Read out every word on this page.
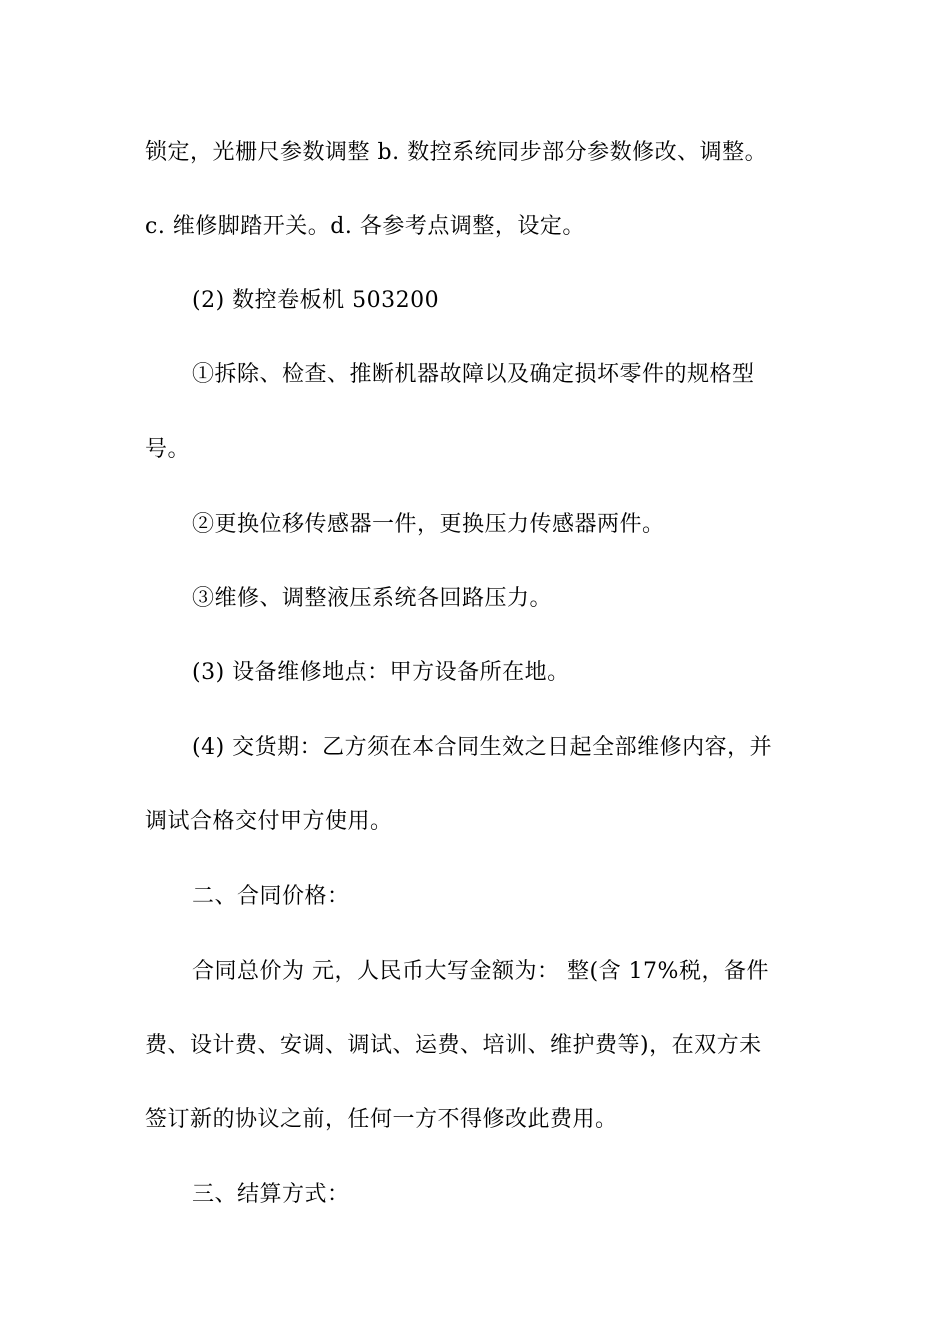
锁定，光栅尺参数调整 b. 数控系统同步部分参数修改、调整。
c. 维修脚踏开关。d. 各参考点调整，设定。
(2) 数控卷板机 503200
①拆除、检查、推断机器故障以及确定损坏零件的规格型
号。
②更换位移传感器一件，更换压力传感器两件。
③维修、调整液压系统各回路压力。
(3) 设备维修地点：甲方设备所在地。
(4) 交货期：乙方须在本合同生效之日起全部维修内容，并
调试合格交付甲方使用。
二、合同价格：
合同总价为 元，人民币大写金额为： 整(含 17%税，备件
费、设计费、安调、调试、运费、培训、维护费等)，在双方未
签订新的协议之前，任何一方不得修改此费用。
三、结算方式：
